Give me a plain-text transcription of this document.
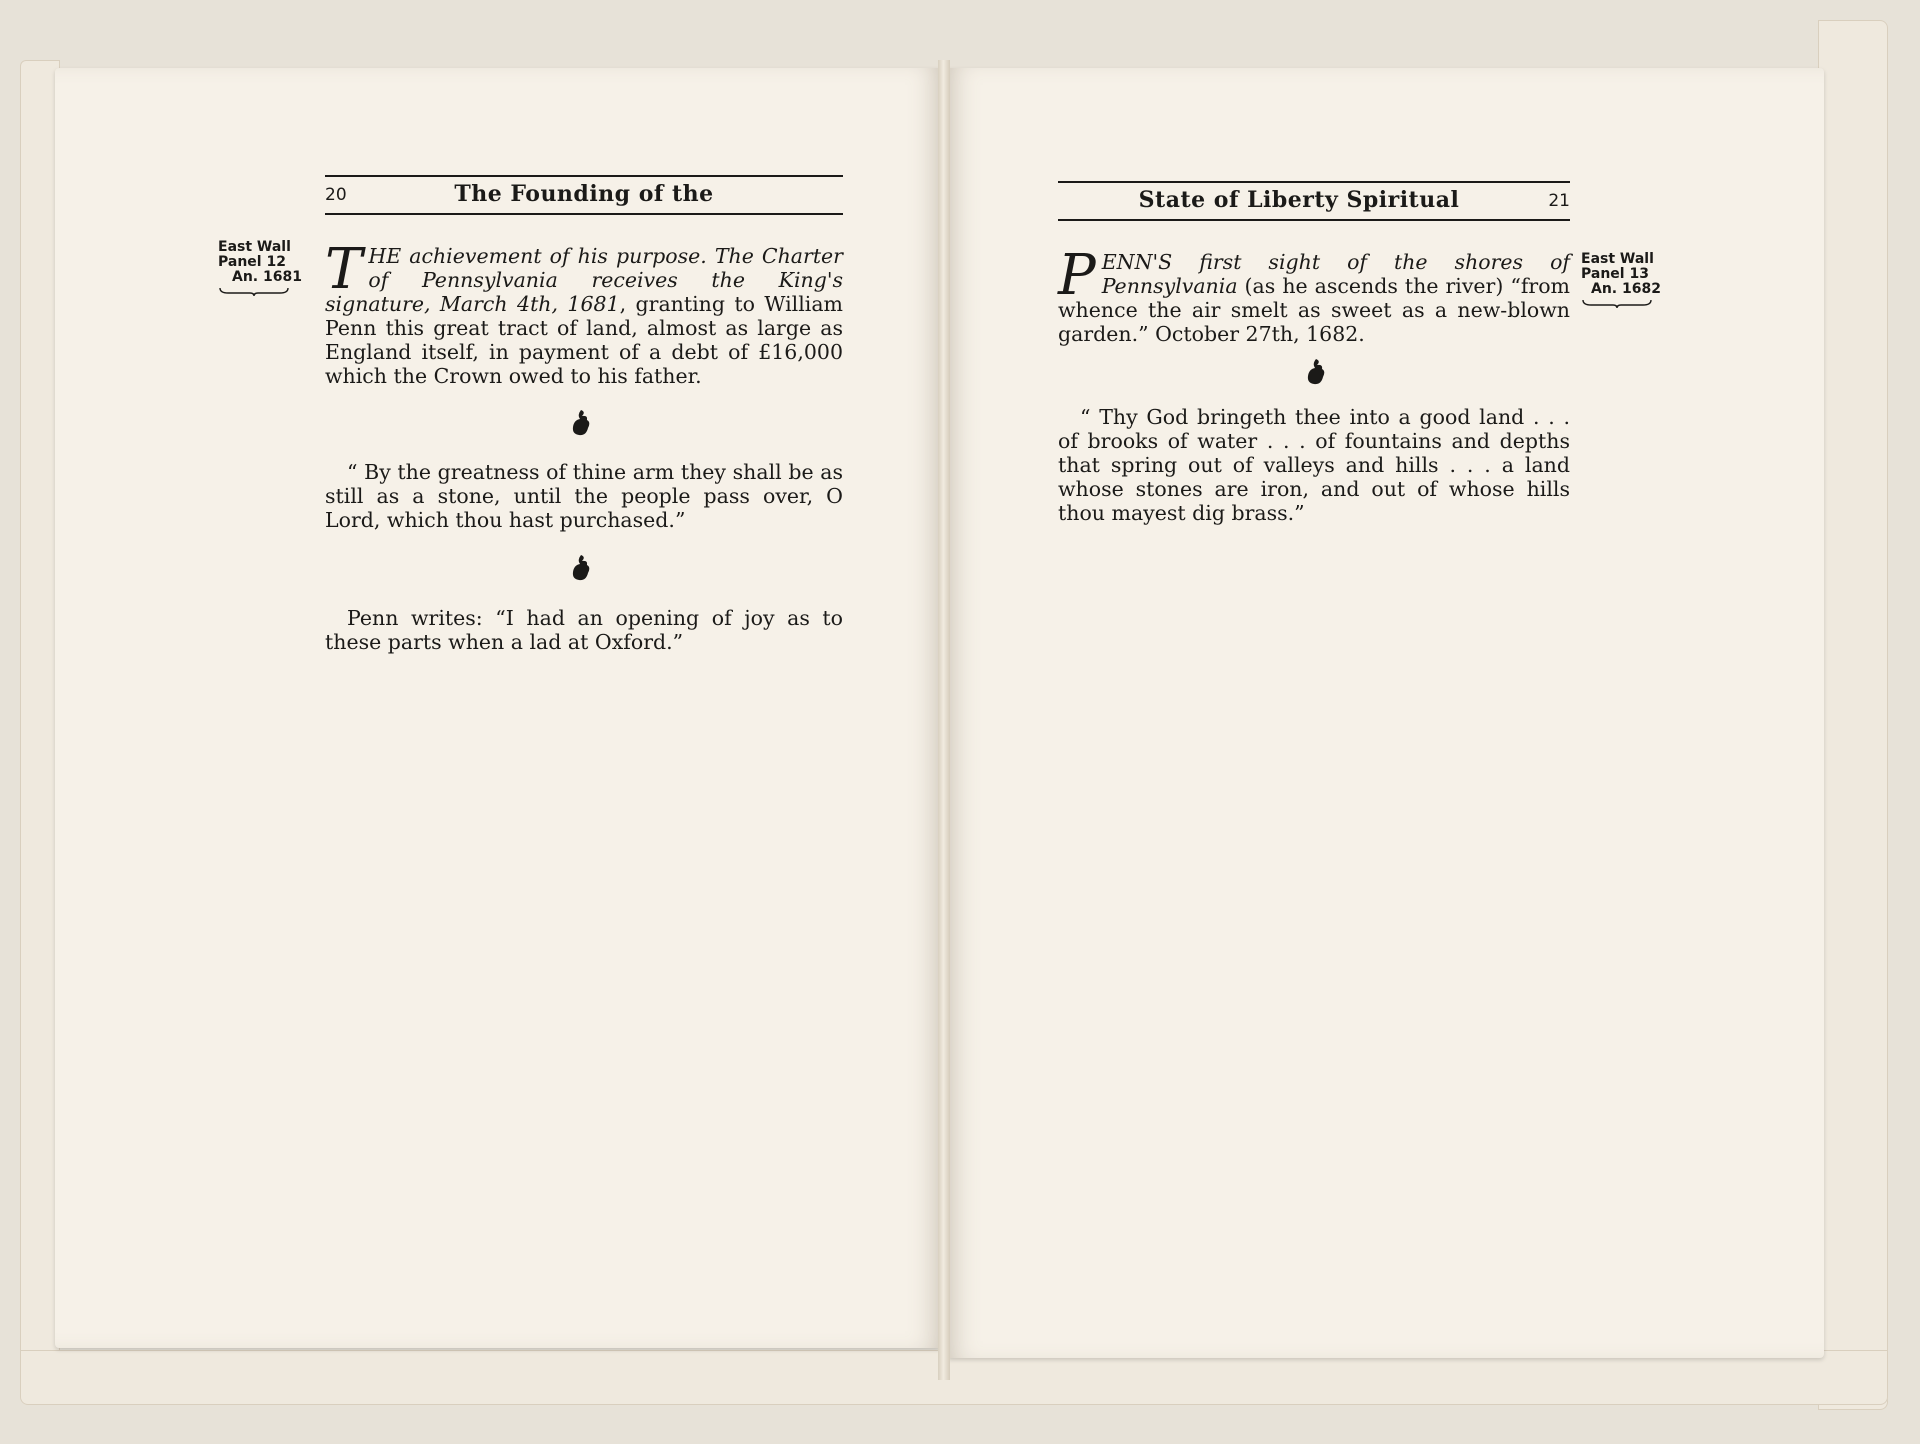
20	The Founding of the
East Wall
Panel 12
An. 1681 THE achievement of his purpose. The Charter of Pennsylvania receives the King's signature, March 4th, 1681, granting to William Penn this great tract of land, almost as large as England itself, in payment of a debt of £16,000 which the Crown owed to his father.

“ By the greatness of thine arm they shall be as still as a stone, until the people pass over, O Lord, which thou hast purchased.”
Penn writes: “I had an opening of joy as to these parts when a lad at Oxford.”
State of Liberty Spiritual	21
East Wall
Panel 13
An. 1682

PENN'S first sight of the shores of Pennsylvania (as he ascends the river) “from whence the air smelt as sweet as a new-blown garden.” October 27th, 1682.

“ Thy God bringeth thee into a good land . . . of brooks of water . . . of fountains and depths that spring out of valleys and hills . . . a land whose stones are iron, and out of whose hills thou mayest dig brass.”
